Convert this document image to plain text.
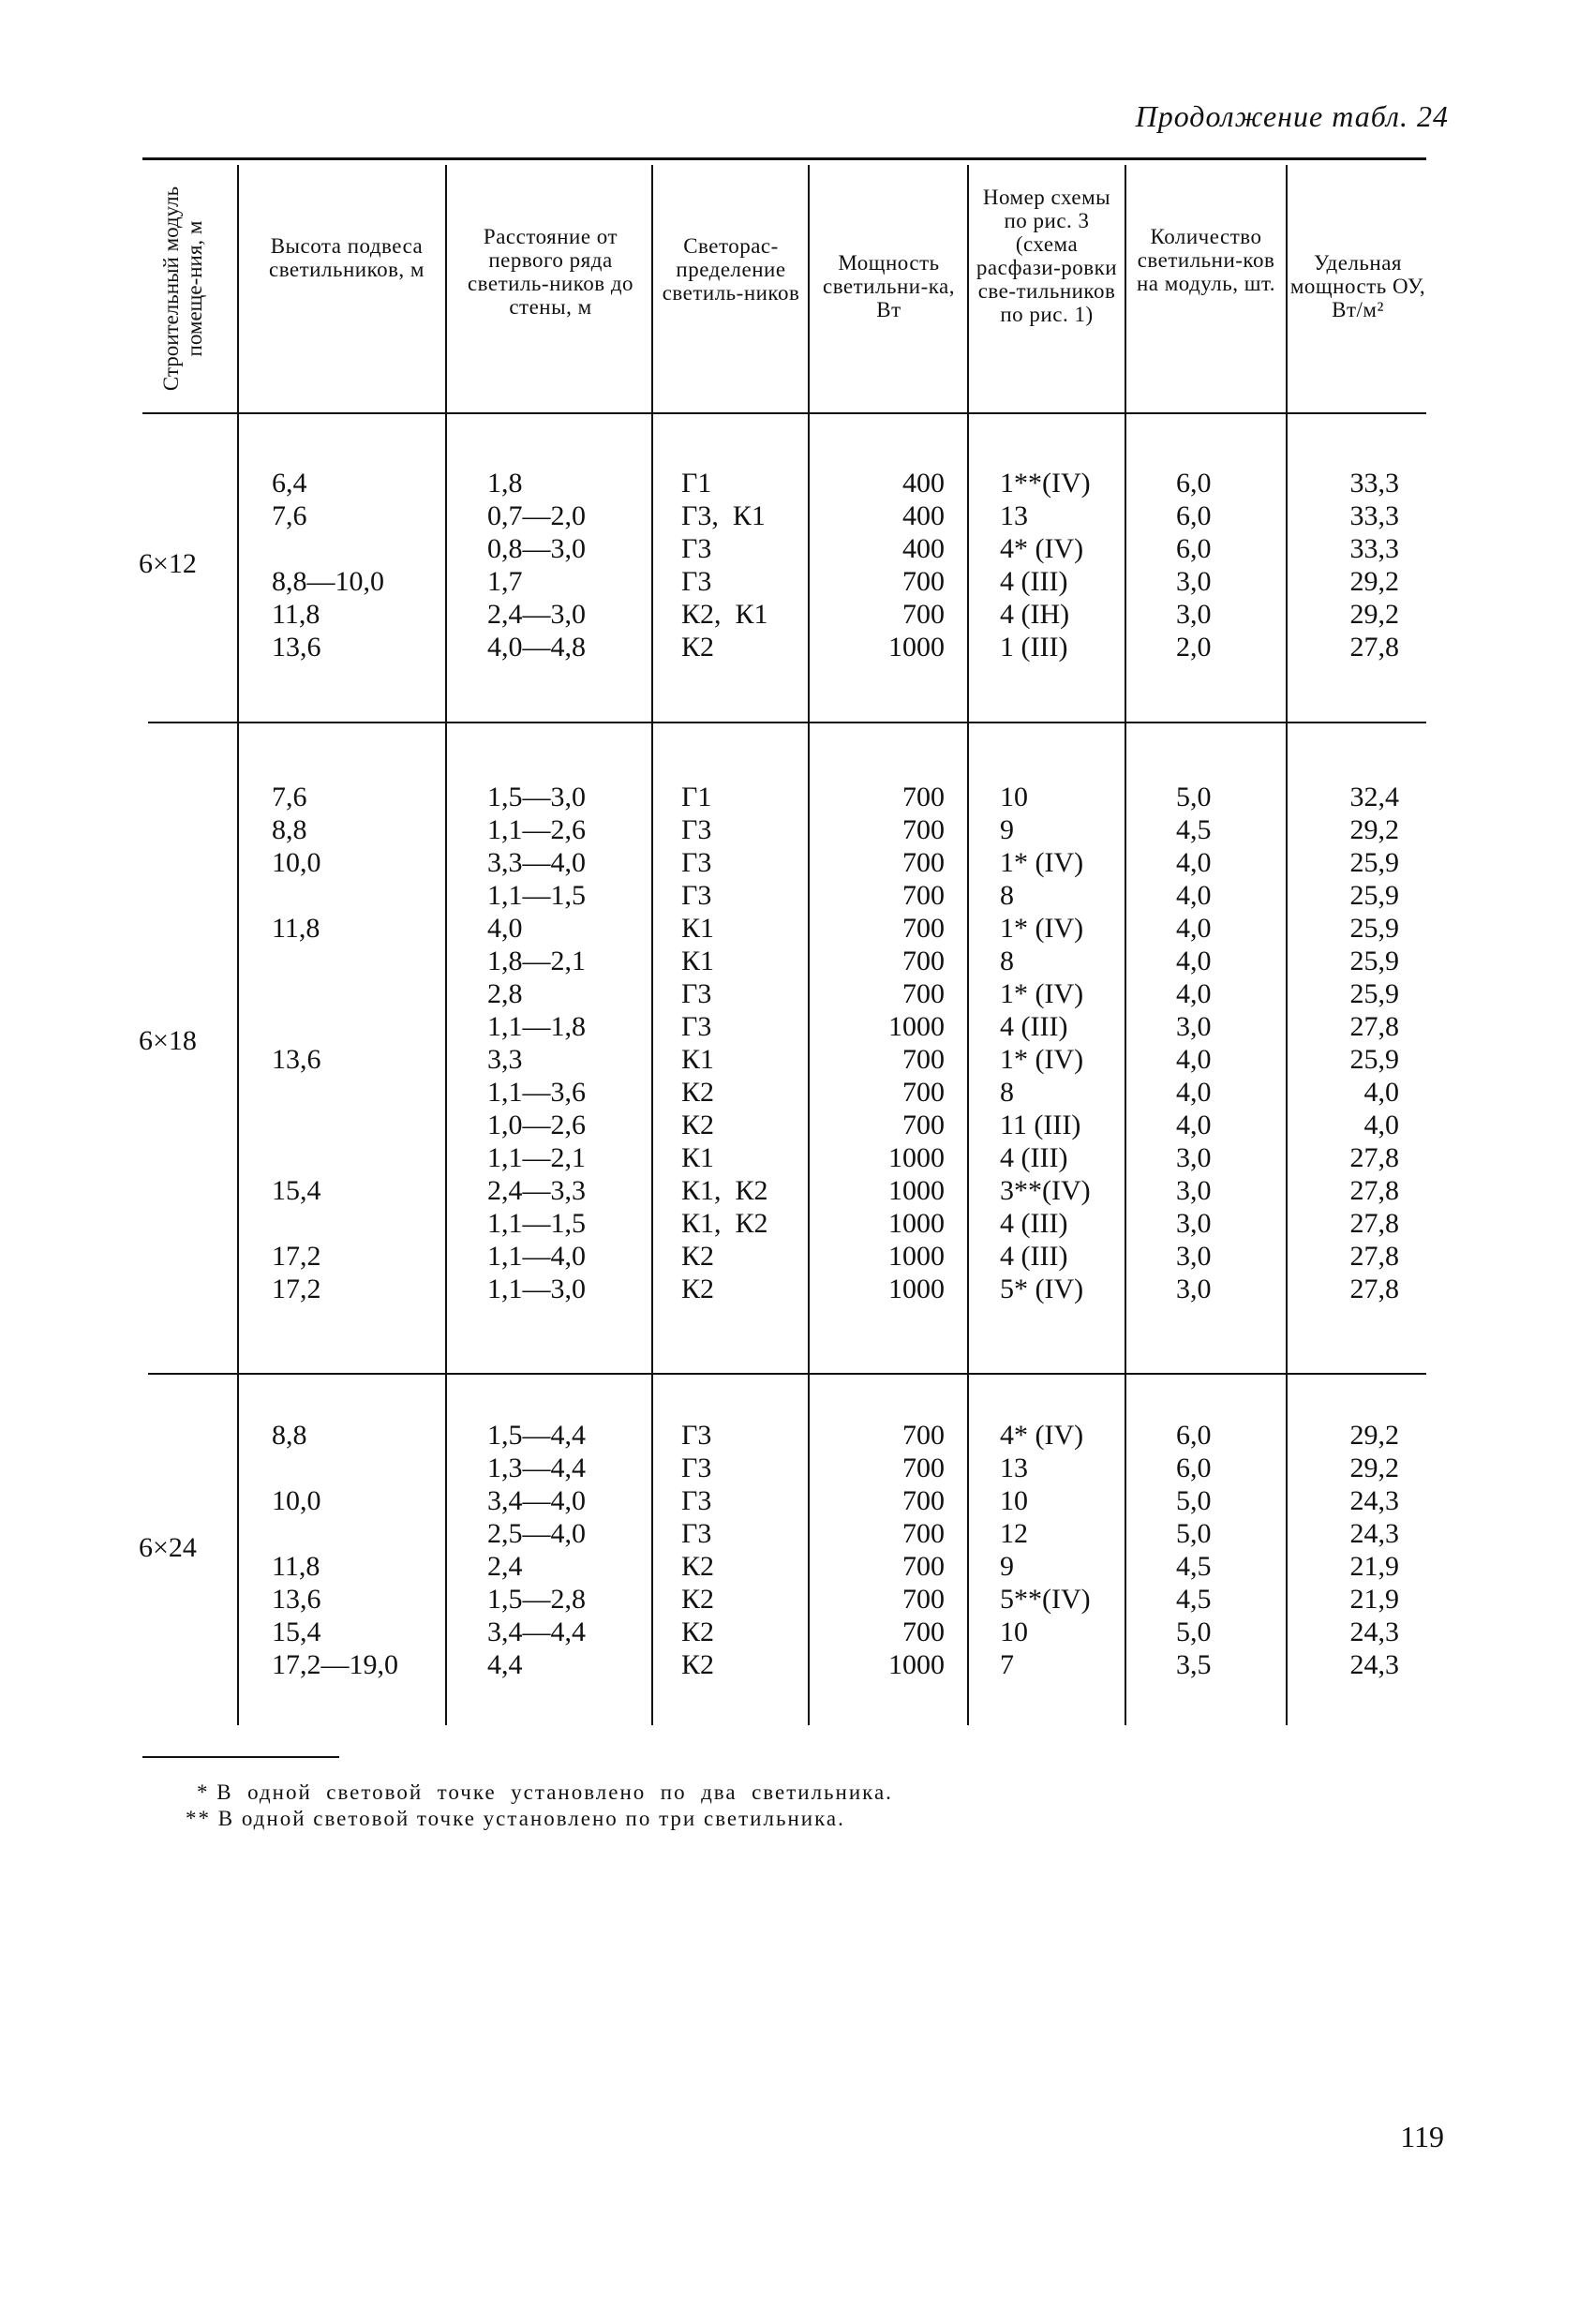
Продолжение табл. 24
Строительный модуль помеще-ния, м	Высота подвеса светильников, м
Расстояние от первого ряда светиль-ников до стены, м
Светорас-пределение светиль-ников
Мощность светильни-ка, Вт
Номер схемы по рис. 3 (схема расфази-ровки све-тильников по рис. 1)
Количество светильни-ков на модуль, шт.
Удельная мощность ОУ, Вт/м²
6×12
6,4
7,6

8,8—10,0
11,8
13,6
1,8
0,7—2,0
0,8—3,0
1,7
2,4—3,0
4,0—4,8
Г1
Г3,  К1
Г3
Г3
К2,  К1
К2
400
400
400
700
700
1000
1**(IV)
13
4* (IV)
4 (III)
4 (IН)
1 (III)
6,0
6,0
6,0
3,0
3,0
2,0
33,3
33,3
33,3
29,2
29,2
27,8
6×18
7,6
8,8
10,0

11,8

13,6

15,4

17,2
17,2
1,5—3,0
1,1—2,6
3,3—4,0
1,1—1,5
4,0
1,8—2,1
2,8
1,1—1,8
3,3
1,1—3,6
1,0—2,6
1,1—2,1
2,4—3,3
1,1—1,5
1,1—4,0
1,1—3,0
Г1
Г3
Г3
Г3
К1
К1
Г3
Г3
К1
К2
К2
К1
К1,  К2
К1,  К2
К2
К2
700
700
700
700
700
700
700
1000
700
700
700
1000
1000
1000
1000
1000
10
9
1* (IV)
8
1* (IV)
8
1* (IV)
4 (III)
1* (IV)
8
11 (III)
4 (III)
3**(IV)
4 (III)
4 (III)
5* (IV)
5,0
4,5
4,0
4,0
4,0
4,0
4,0
3,0
4,0
4,0
4,0
3,0
3,0
3,0
3,0
3,0
32,4
29,2
25,9
25,9
25,9
25,9
25,9
27,8
25,9
4,0
4,0
27,8
27,8
27,8
27,8
27,8
6×24
8,8

10,0

11,8
13,6
15,4
17,2—19,0
1,5—4,4
1,3—4,4
3,4—4,0
2,5—4,0
2,4
1,5—2,8
3,4—4,4
4,4
Г3
Г3
Г3
Г3
К2
К2
К2
К2
700
700
700
700
700
700
700
1000
4* (IV)
13
10
12
9
5**(IV)
10
7
6,0
6,0
5,0
5,0
4,5
4,5
5,0
3,5
29,2
29,2
24,3
24,3
21,9
21,9
24,3
24,3
* В  одной  световой  точке  установлено  по  два  светильника.
** В одной световой точке установлено по три светильника.
119
